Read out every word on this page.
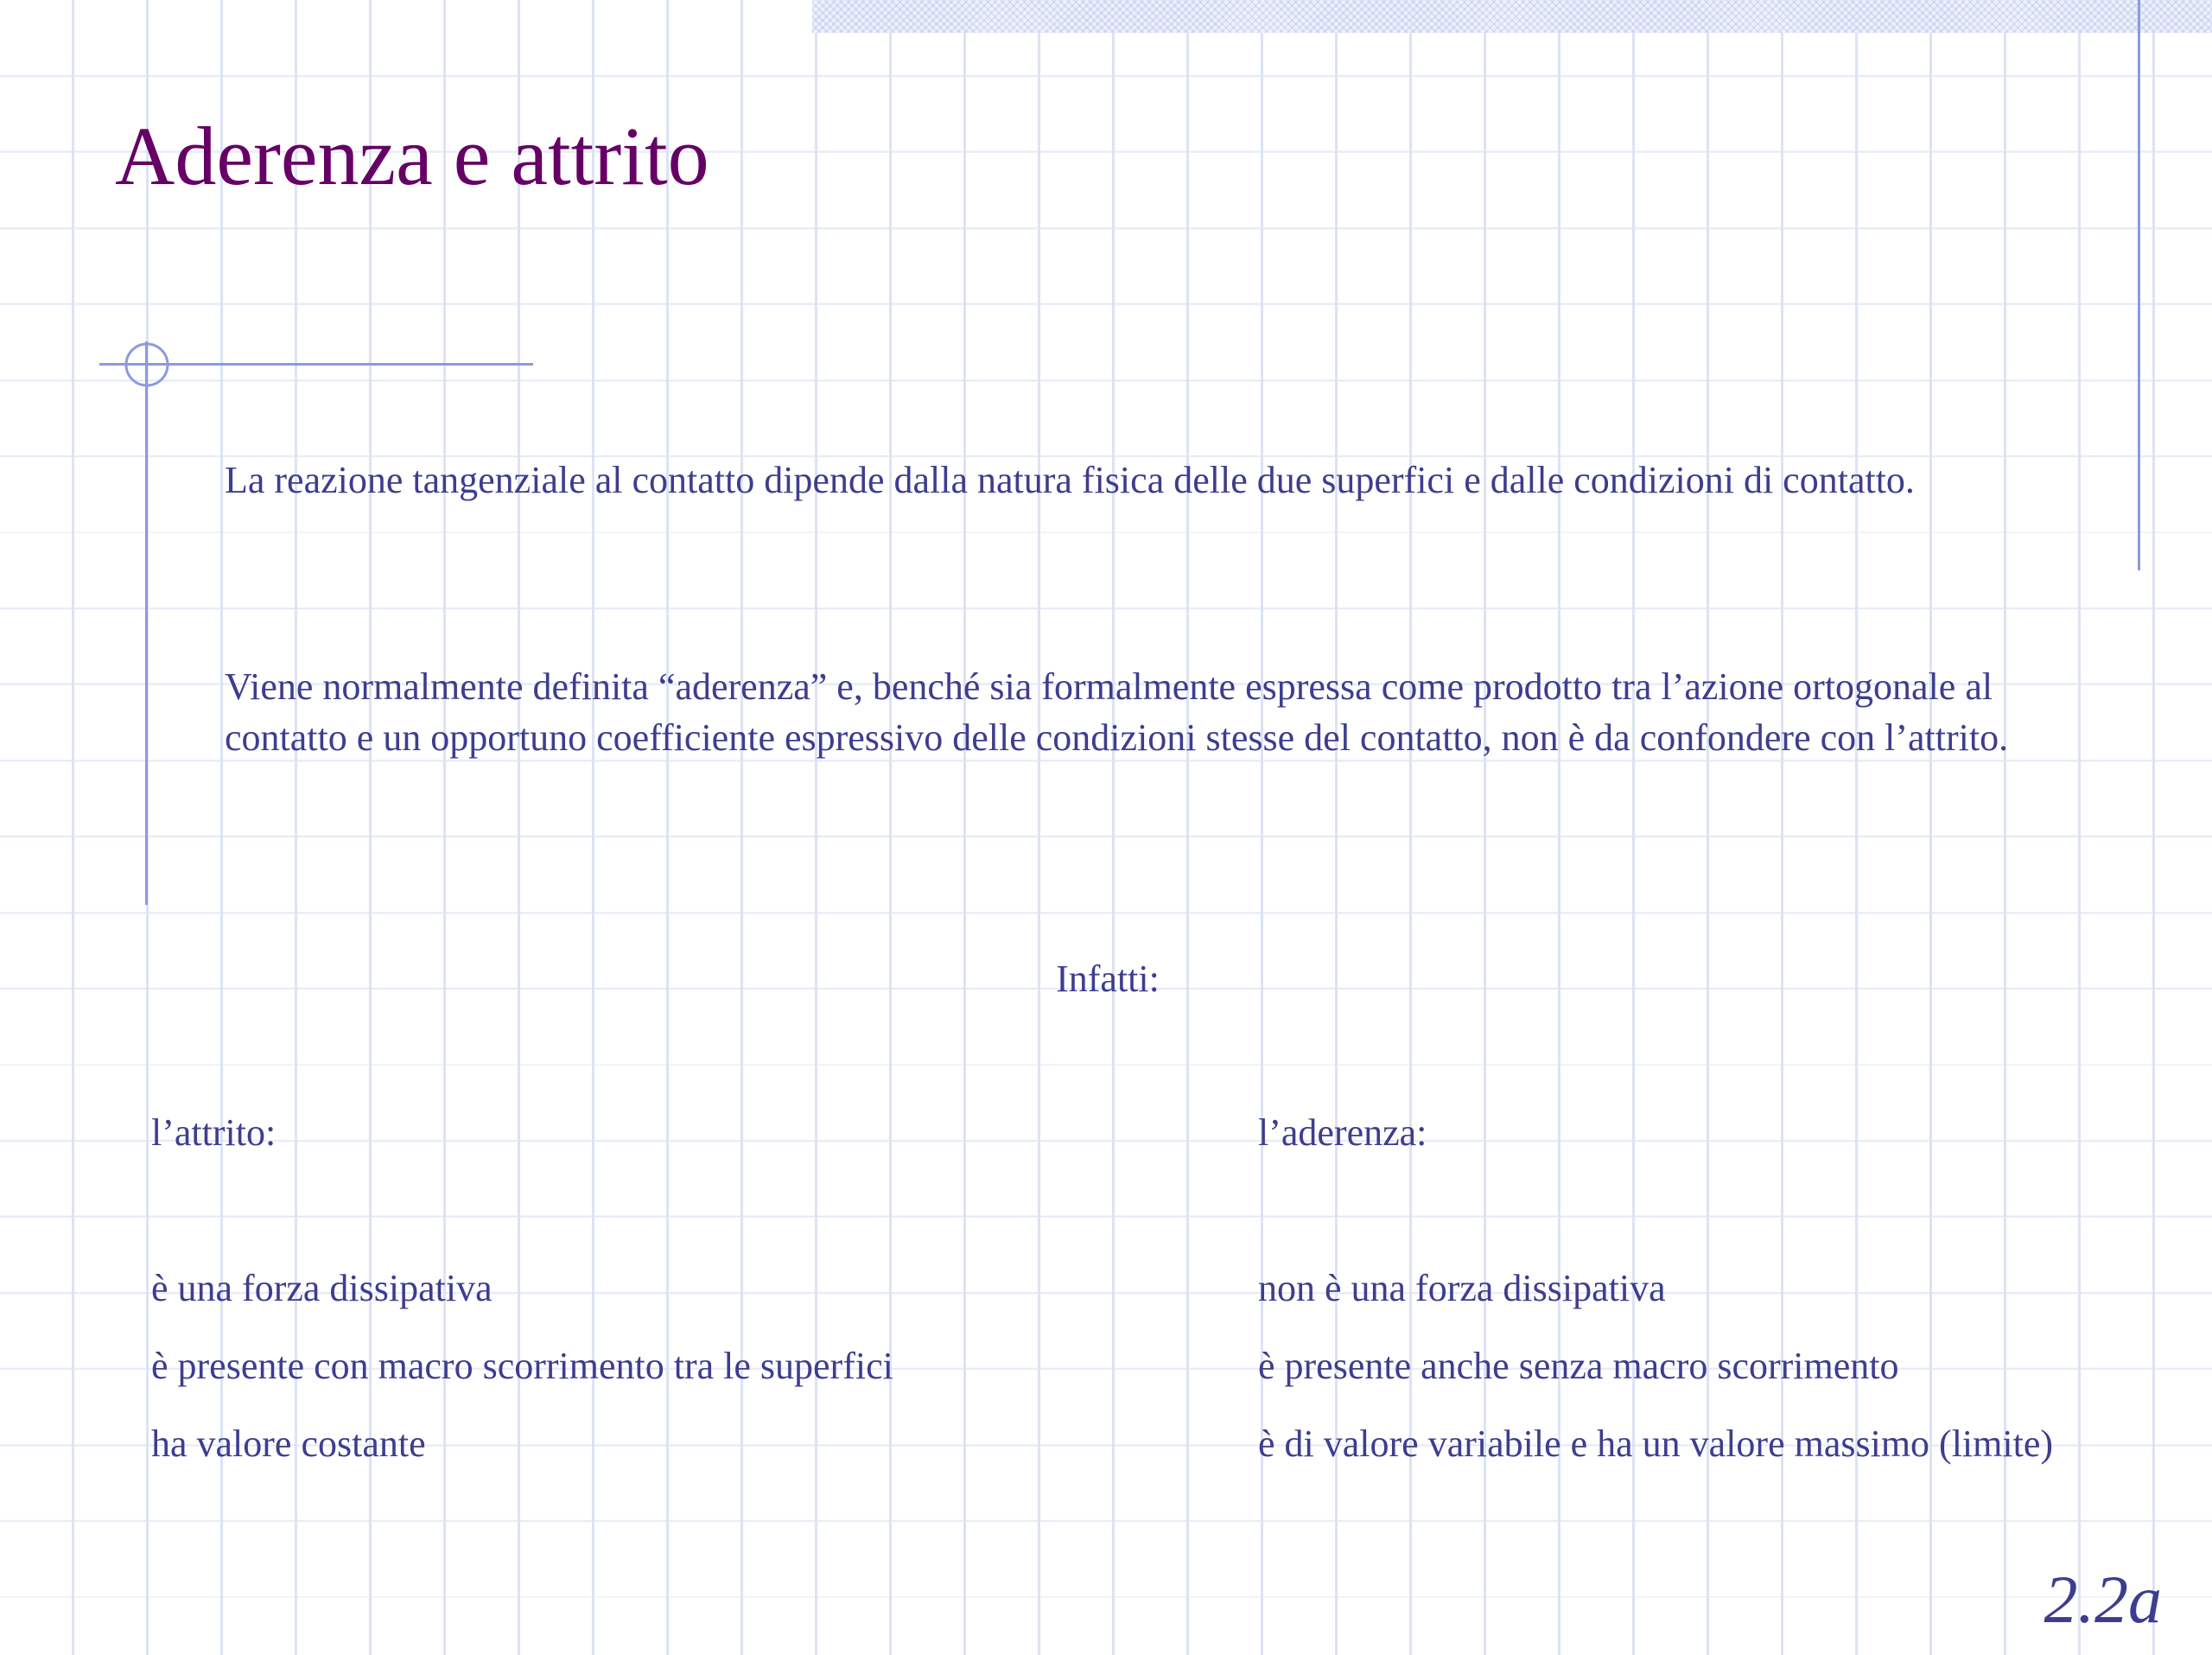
Aderenza e attrito

La reazione tangenziale al contatto dipende dalla natura fisica delle due superfici e dalle condizioni di contatto.

Viene normalmente definita “aderenza” e, benché sia formalmente espressa come prodotto tra l’azione ortogonale al contatto e un opportuno coefficiente espressivo delle condizioni stesse del contatto, non è da confondere con l’attrito.

Infatti:

l’attrito:

è una forza dissipativa
è presente con macro scorrimento tra le superfici
ha valore costante

l’aderenza:

non è una forza dissipativa
è presente anche senza macro scorrimento
è di valore variabile e ha un valore massimo (limite)
2.2a
